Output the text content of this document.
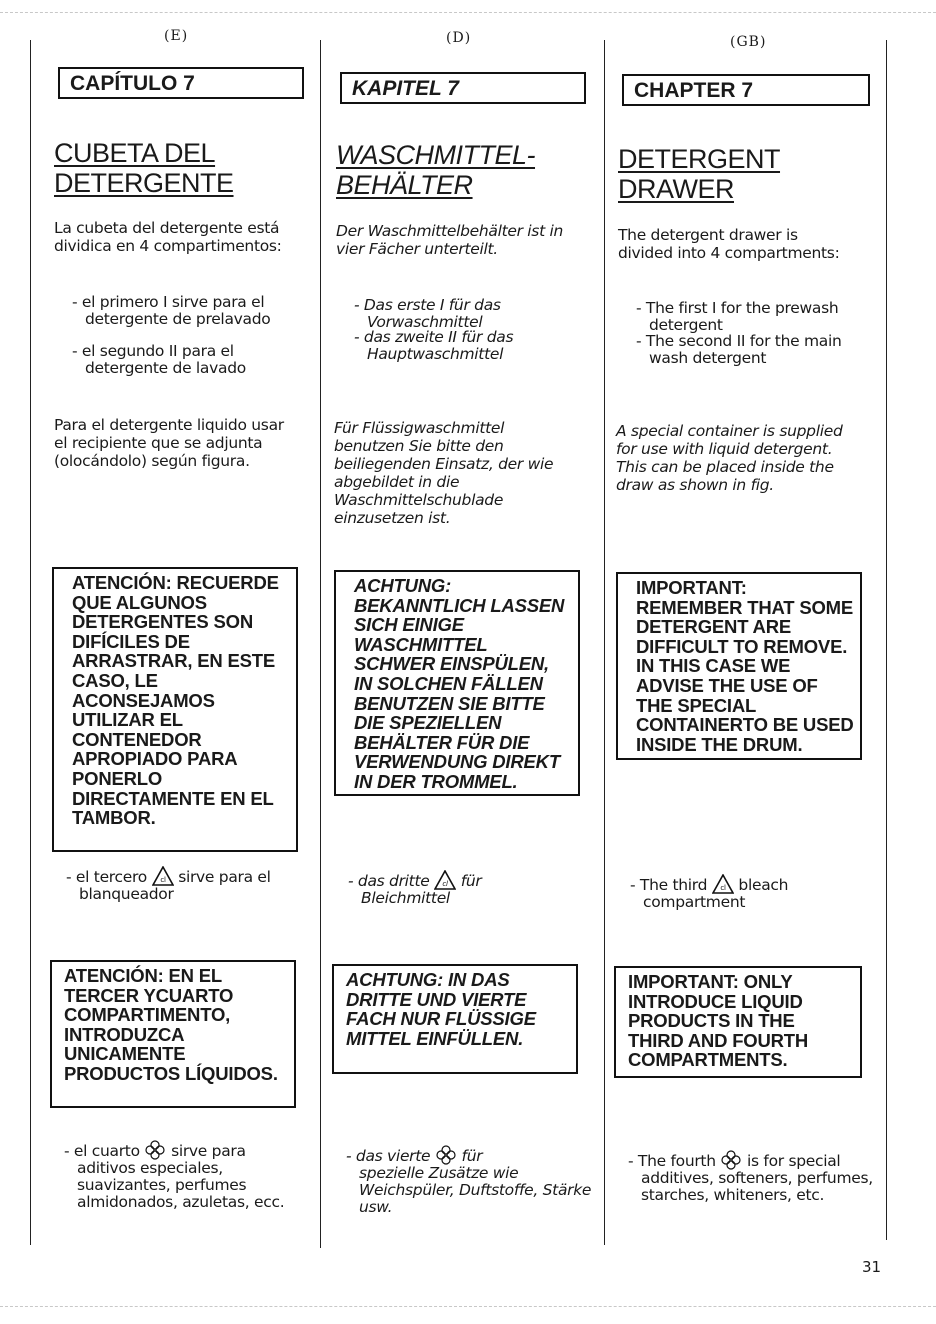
(E)
CAPÍTULO 7
CUBETA DEL
DETERGENTE
La cubeta del detergente está dividica en 4 compartimentos:
- el primero I sirve para el
detergente de prelavado
- el segundo II para el
detergente de lavado
Para el detergente liquido usar el recipiente que se adjunta (olocándolo) según figura.
ATENCIÓN: RECUERDE QUE ALGUNOS DETERGENTES SON DIFÍCILES DE ARRASTRAR, EN ESTE CASO, LE ACONSEJAMOS UTILIZAR EL CONTENEDOR APROPIADO PARA PONERLO DIRECTAMENTE EN EL TAMBOR.
- el tercero cl sirve para el
blanqueador
ATENCIÓN: EN EL TERCER YCUARTO COMPARTIMENTO, INTRODUZCA UNICAMENTE PRODUCTOS LÍQUIDOS.
- el cuarto sirve para
aditivos especiales, suavizantes, perfumes almidonados, azuletas, ecc.
(D)
KAPITEL 7
WASCHMITTEL-
BEHÄLTER
Der Waschmittelbehälter ist in vier Fächer unterteilt.
- Das erste I für das
Vorwaschmittel
- das zweite II für das
Hauptwaschmittel
Für Flüssigwaschmittel benutzen Sie bitte den beiliegenden Einsatz, der wie abgebildet in die Waschmittelschublade einzusetzen ist.
ACHTUNG: BEKANNTLICH LASSEN SICH EINIGE WASCHMITTEL SCHWER EINSPÜLEN, IN SOLCHEN FÄLLEN BENUTZEN SIE BITTE DIE SPEZIELLEN BEHÄLTER FÜR DIE VERWENDUNG DIREKT IN DER TROMMEL.
- das dritte cl für
Bleichmittel
ACHTUNG: IN DAS DRITTE UND VIERTE FACH NUR FLÜSSIGE MITTEL EINFÜLLEN.
- das vierte für
spezielle Zusätze wie Weichspüler, Duftstoffe, Stärke usw.
(GB)
CHAPTER 7
DETERGENT
DRAWER
The detergent drawer is divided into 4 compartments:
- The first I for the prewash
detergent
- The second II for the main
wash detergent
A special container is supplied for use with liquid detergent. This can be placed inside the draw as shown in fig.
IMPORTANT: REMEMBER THAT SOME DETERGENT ARE DIFFICULT TO REMOVE. IN THIS CASE WE ADVISE THE USE OF THE SPECIAL CONTAINERTO BE USED INSIDE THE DRUM.
- The third cl bleach
compartment
IMPORTANT: ONLY INTRODUCE LIQUID PRODUCTS IN THE THIRD AND FOURTH COMPARTMENTS.
- The fourth is for special
additives, softeners, perfumes, starches, whiteners, etc.
31
